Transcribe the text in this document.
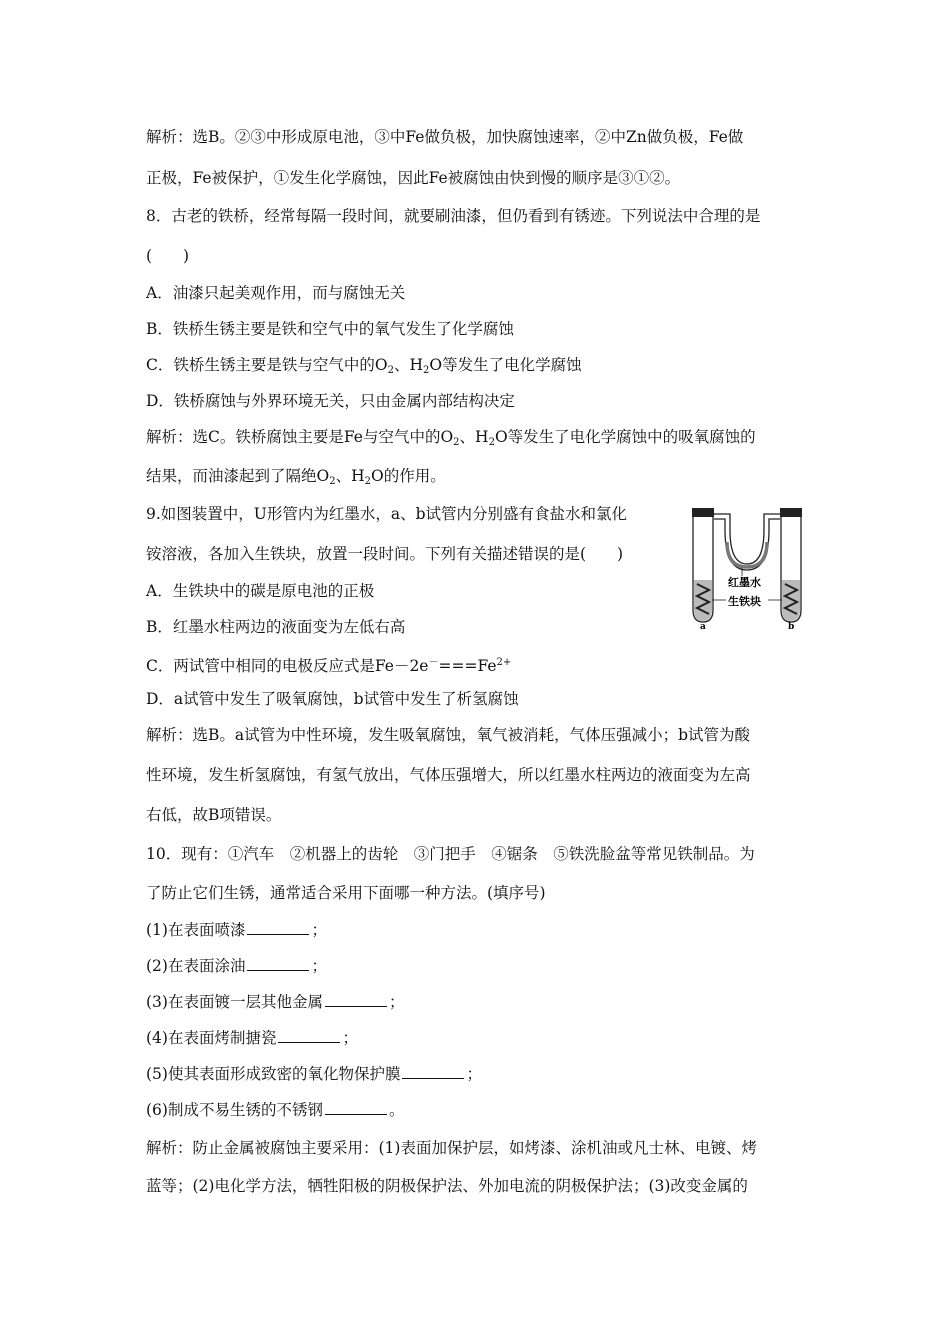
解析：选B。②③中形成原电池，③中Fe做负极，加快腐蚀速率，②中Zn做负极，Fe做
正极，Fe被保护，①发生化学腐蚀，因此Fe被腐蚀由快到慢的顺序是③①②。
8．古老的铁桥，经常每隔一段时间，就要刷油漆，但仍看到有锈迹。下列说法中合理的是
(　　)
A．油漆只起美观作用，而与腐蚀无关
B．铁桥生锈主要是铁和空气中的氧气发生了化学腐蚀
C．铁桥生锈主要是铁与空气中的$O_2$、$H_2O$等发生了电化学腐蚀
D．铁桥腐蚀与外界环境无关，只由金属内部结构决定
解析：选C。铁桥腐蚀主要是Fe与空气中的$O_2$、$H_2O$等发生了电化学腐蚀中的吸氧腐蚀的
结果，而油漆起到了隔绝$O_2$、$H_2O$的作用。
9.如图装置中，U形管内为红墨水，a、b试管内分别盛有食盐水和氯化
铵溶液，各加入生铁块，放置一段时间。下列有关描述错误的是(　　)
A．生铁块中的碳是原电池的正极
B．红墨水柱两边的液面变为左低右高
C．两试管中相同的电极反应式是$Fe-2e^-===Fe^{2+}$
D．a试管中发生了吸氧腐蚀，b试管中发生了析氢腐蚀
解析：选B。a试管为中性环境，发生吸氧腐蚀，氧气被消耗，气体压强减小；b试管为酸
性环境，发生析氢腐蚀，有氢气放出，气体压强增大，所以红墨水柱两边的液面变为左高
右低，故B项错误。
10．现有：①汽车　②机器上的齿轮　③门把手　④锯条　⑤铁洗脸盆等常见铁制品。为
了防止它们生锈，通常适合采用下面哪一种方法。(填序号)
(1)在表面喷漆	；
(2)在表面涂油	；
(3)在表面镀一层其他金属	；
(4)在表面烤制搪瓷	；
(5)使其表面形成致密的氧化物保护膜	；
(6)制成不易生锈的不锈钢	。
解析：防止金属被腐蚀主要采用：(1)表面加保护层，如烤漆、涂机油或凡士林、电镀、烤
蓝等；(2)电化学方法，牺牲阳极的阴极保护法、外加电流的阴极保护法；(3)改变金属的
红墨水
生铁块
a	b
